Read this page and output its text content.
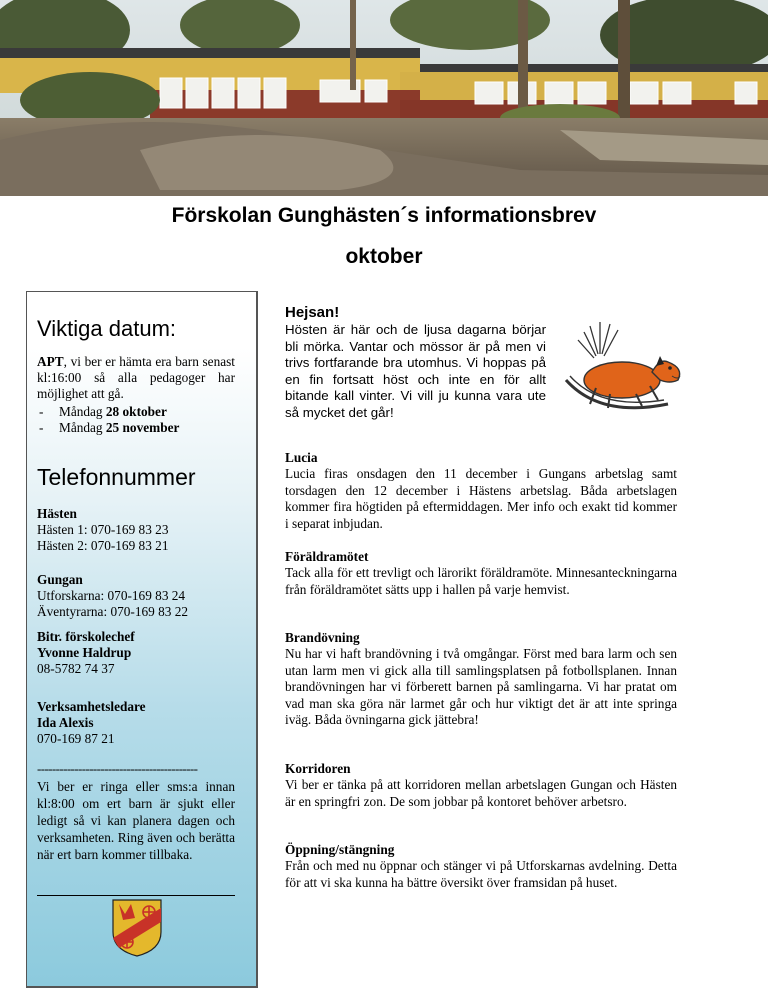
Förskolan Gunghästen´s informationsbrev
oktober
Viktiga datum:
APT, vi ber er hämta era barn senast kl:16:00 så alla pedagoger har möjlighet att gå.
- Måndag 28 oktober
- Måndag 25 november
Telefonnummer
Hästen
Hästen 1: 070-169 83 23
Hästen 2: 070-169 83 21
Gungan
Utforskarna: 070-169 83 24
Äventyrarna: 070-169 83 22
Bitr. förskolechef
Yvonne Haldrup
08-5782 74 37
Verksamhetsledare
Ida Alexis
070-169 87 21
-------------------------------------------
Vi ber er ringa eller sms:a innan kl:8:00 om ert barn är sjukt eller ledigt så vi kan planera dagen och verksamheten. Ring även och berätta när ert barn kommer tillbaka.
Hejsan!
Hösten är här och de ljusa dagarna börjar bli mörka. Vantar och mössor är på men vi trivs fortfarande bra utomhus. Vi hoppas på en fin fortsatt höst och inte en för allt bitande kall vinter. Vi vill ju kunna vara ute så mycket det går!
Lucia
Lucia firas onsdagen den 11 december i Gungans arbetslag samt torsdagen den 12 december i Hästens arbetslag. Båda arbetslagen kommer fira högtiden på eftermiddagen. Mer info och exakt tid kommer i separat inbjudan.
Föräldramötet
Tack alla för ett trevligt och lärorikt föräldramöte. Minnesanteckningarna från föräldramötet sätts upp i hallen på varje hemvist.
Brandövning
Nu har vi haft brandövning i två omgångar. Först med bara larm och sen utan larm men vi gick alla till samlingsplatsen på fotbollsplanen. Innan brandövningen har vi förberett barnen på samlingarna. Vi har pratat om vad man ska göra när larmet går och hur viktigt det är att inte springa iväg. Båda övningarna gick jättebra!
Korridoren
Vi ber er tänka på att korridoren mellan arbetslagen Gungan och Hästen är en springfri zon. De som jobbar på kontoret behöver arbetsro.
Öppning/stängning
Från och med nu öppnar och stänger vi på Utforskarnas avdelning. Detta för att vi ska kunna ha bättre översikt över framsidan på huset.
